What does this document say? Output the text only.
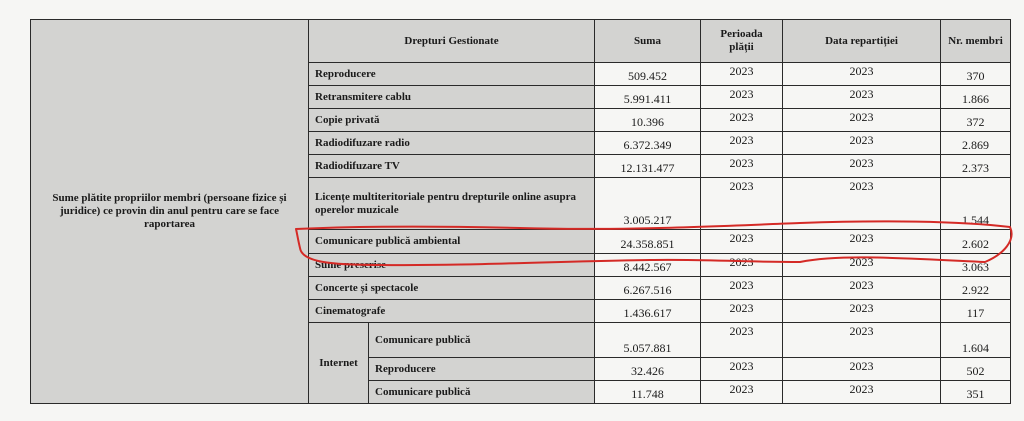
Sume plătite propriilor membri (persoane fizice și juridice) ce provin din anul pentru care se face raportarea	Drepturi Gestionate		Suma	Perioada plății	Data repartiției	Nr. membri
	Reproducere		509.452	2023	2023	370
	Retransmitere cablu		5.991.411	2023	2023	1.866
	Copie privată		10.396	2023	2023	372
	Radiodifuzare radio		6.372.349	2023	2023	2.869
	Radiodifuzare TV		12.131.477	2023	2023	2.373
	Licențe multiteritoriale pentru drepturile online asupra operelor muzicale		3.005.217	2023	2023	1.544
	Comunicare publică ambiental		24.358.851	2023	2023	2.602
	Sume prescrise		8.442.567	2023	2023	3.063
	Concerte și spectacole		6.267.516	2023	2023	2.922
	Cinematografe		1.436.617	2023	2023	117
	Internet	Comunicare publică	5.057.881	2023	2023	1.604
		Reproducere	32.426	2023	2023	502
		Comunicare publică	11.748	2023	2023	351
